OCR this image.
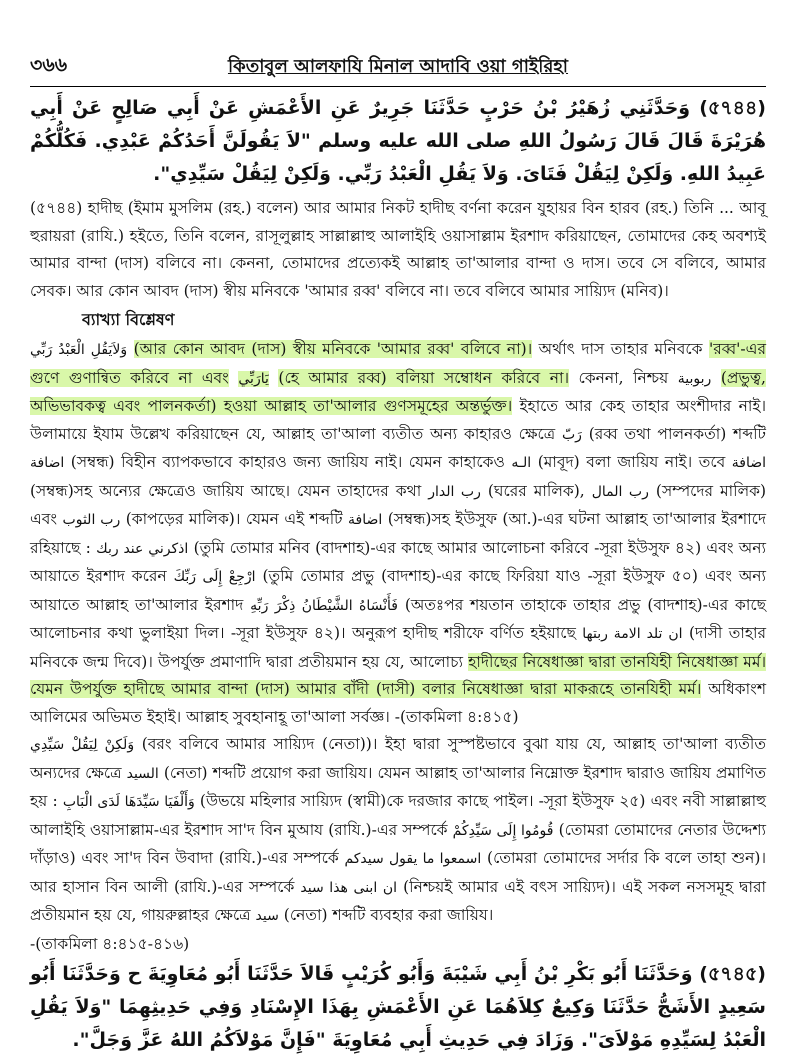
৩৬৬	কিতাবুল আলফাযি মিনাল আদাবি ওয়া গাইরিহা

(৫৭৪৪) وَحَدَّثَنِي زُهَيْرُ بْنُ حَرْبٍ حَدَّثَنَا جَرِيرٌ عَنِ الأَعْمَشِ عَنْ أَبِي صَالِحٍ عَنْ أَبِي هُرَيْرَةَ قَالَ قَالَ رَسُولُ اللهِ صلى الله عليه وسلم "لاَ يَقُولَنَّ أَحَدُكُمْ عَبْدِي. فَكُلُّكُمْ عَبِيدُ اللهِ. وَلَكِنْ لِيَقُلْ فَتَاىَ. وَلاَ يَقُلِ الْعَبْدُ رَبِّي. وَلَكِنْ لِيَقُلْ سَيِّدِي".

(৫৭৪৪) হাদীছ (ইমাম মুসলিম (রহ.) বলেন) আর আমার নিকট হাদীছ বর্ণনা করেন যুহায়র বিন হারব (রহ.) তিনি ... আবূ হুরায়রা (রাযি.) হইতে, তিনি বলেন, রাসূলুল্লাহ সাল্লাল্লাহু আলাইহি ওয়াসাল্লাম ইরশাদ করিয়াছেন, তোমাদের কেহ অবশ্যই আমার বান্দা (দাস) বলিবে না। কেননা, তোমাদের প্রত্যেকই আল্লাহ তা'আলার বান্দা ও দাস। তবে সে বলিবে, আমার সেবক। আর কোন আবদ (দাস) স্বীয় মনিবকে 'আমার রব্ব' বলিবে না। তবে বলিবে আমার সায়্যিদ (মনিব)।

ব্যাখ্যা বিশ্লেষণ

وَلاَيَقُلِ الْعَبْدُ رَبِّي (আর কোন আবদ (দাস) স্বীয় মনিবকে 'আমার রব্ব' বলিবে না)। অর্থাৎ দাস তাহার মনিবকে 'রব্ব'-এর গুণে গুণান্বিত করিবে না এবং يَارَبِّي (হে আমার রব্ব) বলিয়া সম্বোধন করিবে না। কেননা, নিশ্চয় ربوبية (প্রভুত্ব, অভিভাবকত্ব এবং পালনকর্তা) হওয়া আল্লাহ তা'আলার গুণসমূহের অন্তর্ভুক্ত। ইহাতে আর কেহ তাহার অংশীদার নাই। উলামায়ে ইযাম উল্লেখ করিয়াছেন যে, আল্লাহ তা'আলা ব্যতীত অন্য কাহারও ক্ষেত্রে رَبّ (রব্ব তথা পালনকর্তা) শব্দটি اضافة (সম্বন্ধ) বিহীন ব্যাপকভাবে কাহারও জন্য জায়িয নাই। যেমন কাহাকেও الـه (মাবূদ) বলা জায়িয নাই। তবে اضافة (সম্বন্ধ)সহ অন্যের ক্ষেত্রেও জায়িয আছে। যেমন তাহাদের কথা رب الدار (ঘরের মালিক), رب المال (সম্পদের মালিক) এবং رب الثوب (কাপড়ের মালিক)। যেমন এই শব্দটি اضافة (সম্বন্ধ)সহ ইউসুফ (আ.)-এর ঘটনা আল্লাহ তা'আলার ইরশাদে রহিয়াছে : اذكرني عند ربك (তুমি তোমার মনিব (বাদশাহ)-এর কাছে আমার আলোচনা করিবে -সূরা ইউসুফ ৪২) এবং অন্য আয়াতে ইরশাদ করেন ارْجِعْ إِلَى رَبِّكَ (তুমি তোমার প্রভু (বাদশাহ)-এর কাছে ফিরিয়া যাও -সূরা ইউসুফ ৫০) এবং অন্য আয়াতে আল্লাহ তা'আলার ইরশাদ فَأَنْسَاهُ الشَّيْطَانُ ذِكْرَ رَبِّهِ (অতঃপর শয়তান তাহাকে তাহার প্রভু (বাদশাহ)-এর কাছে আলোচনার কথা ভুলাইয়া দিল। -সূরা ইউসুফ ৪২)। অনুরূপ হাদীছ শরীফে বর্ণিত হইয়াছে ان تلد الامة ربتها (দাসী তাহার মনিবকে জন্ম দিবে)। উপর্যুক্ত প্রমাণাদি দ্বারা প্রতীয়মান হয় যে, আলোচ্য হাদীছের নিষেধাজ্ঞা দ্বারা তানযিহী নিষেধাজ্ঞা মর্ম। যেমন উপর্যুক্ত হাদীছে আমার বান্দা (দাস) আমার বাঁদী (দাসী) বলার নিষেধাজ্ঞা দ্বারা মাকরূহে তানযিহী মর্ম। অধিকাংশ আলিমের অভিমত ইহাই। আল্লাহ সুবহানাহূ তা'আলা সর্বজ্ঞ। -(তাকমিলা ৪:৪১৫)

وَلَكِنْ لِيَقُلْ سَيِّدِي (বরং বলিবে আমার সায়্যিদ (নেতা))। ইহা দ্বারা সুস্পষ্টভাবে বুঝা যায় যে, আল্লাহ তা'আলা ব্যতীত অন্যদের ক্ষেত্রে السيد (নেতা) শব্দটি প্রয়োগ করা জায়িয। যেমন আল্লাহ তা'আলার নিম্নোক্ত ইরশাদ দ্বারাও জায়িয প্রমাণিত হয় : وَأَلْفَيَا سَيِّدَهَا لَدَى الْبَابِ (উভয়ে মহিলার সায়্যিদ (স্বামী)কে দরজার কাছে পাইল। -সূরা ইউসুফ ২৫) এবং নবী সাল্লাল্লাহু আলাইহি ওয়াসাল্লাম-এর ইরশাদ সা'দ বিন মুআয (রাযি.)-এর সম্পর্কে قُومُوا إِلَى سَيِّدِكُمْ (তোমরা তোমাদের নেতার উদ্দেশ্য দাঁড়াও) এবং সা'দ বিন উবাদা (রাযি.)-এর সম্পর্কে اسمعوا ما يقول سيدكم (তোমরা তোমাদের সর্দার কি বলে তাহা শুন)। আর হাসান বিন আলী (রাযি.)-এর সম্পর্কে ان ابنى هذا سيد (নিশ্চয়ই আমার এই বৎস সায়্যিদ)। এই সকল নসসমূহ দ্বারা প্রতীয়মান হয় যে, গায়রুল্লাহর ক্ষেত্রে سيد (নেতা) শব্দটি ব্যবহার করা জায়িয।

-(তাকমিলা ৪:৪১৫-৪১৬)

(৫৭৪৫) وَحَدَّثَنَا أَبُو بَكْرِ بْنُ أَبِي شَيْبَةَ وَأَبُو كُرَيْبٍ قَالاَ حَدَّثَنَا أَبُو مُعَاوِيَةَ ح وَحَدَّثَنَا أَبُو سَعِيدٍ الأَشَجُّ حَدَّثَنَا وَكِيعٌ كِلاَهُمَا عَنِ الأَعْمَشِ بِهَذَا الإِسْنَادِ وَفِي حَدِيثِهِمَا "وَلاَ يَقُلِ الْعَبْدُ لِسَيِّدِهِ مَوْلاَىَ". وَزَادَ فِي حَدِيثِ أَبِي مُعَاوِيَةَ "فَإِنَّ مَوْلاَكُمُ اللهُ عَزَّ وَجَلَّ".
